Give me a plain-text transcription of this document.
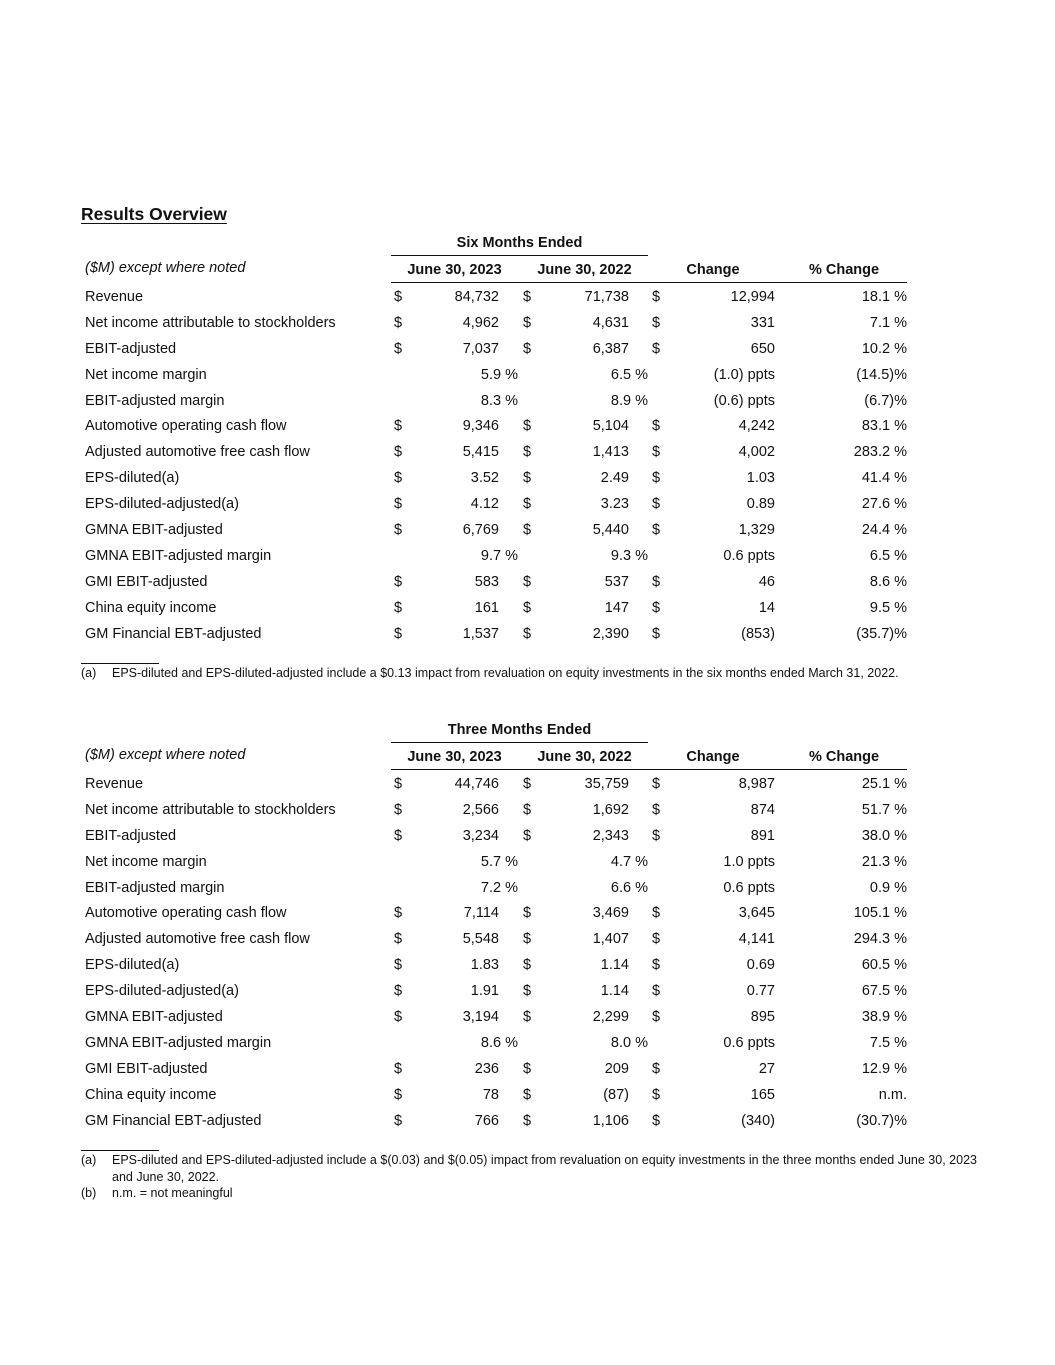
Results Overview
Six Months Ended
($M) except where noted	June 30, 2023	June 30, 2022	Change	% Change
Revenue	$	84,732 $	71,738 $	12,994	18.1 %
Net income attributable to stockholders	$	4,962 $	4,631 $	331	7.1 %
EBIT-adjusted	$	7,037 $	6,387 $	650	10.2 %
Net income margin	5.9 %	6.5 %	(1.0) ppts	(14.5)%
EBIT-adjusted margin	8.3 %	8.9 %	(0.6) ppts	(6.7)%
Automotive operating cash flow	$	9,346 $	5,104 $	4,242	83.1 %
Adjusted automotive free cash flow	$	5,415 $	1,413 $	4,002	283.2 %
EPS-diluted(a)	$	3.52 $	2.49 $	1.03	41.4 %
EPS-diluted-adjusted(a)	$	4.12 $	3.23 $	0.89	27.6 %
GMNA EBIT-adjusted	$	6,769 $	5,440 $	1,329	24.4 %
GMNA EBIT-adjusted margin	9.7 %	9.3 %	0.6 ppts	6.5 %
GMI EBIT-adjusted	$	583 $	537 $	46	8.6 %
China equity income	$	161 $	147 $	14	9.5 %
GM Financial EBT-adjusted	$	1,537 $	2,390 $	(853)	(35.7)%
(a) EPS-diluted and EPS-diluted-adjusted include a $0.13 impact from revaluation on equity investments in the six months ended March 31, 2022.
Three Months Ended
($M) except where noted	June 30, 2023	June 30, 2022	Change	% Change
Revenue	$	44,746 $	35,759 $	8,987	25.1 %
Net income attributable to stockholders	$	2,566 $	1,692 $	874	51.7 %
EBIT-adjusted	$	3,234 $	2,343 $	891	38.0 %
Net income margin	5.7 %	4.7 %	1.0 ppts	21.3 %
EBIT-adjusted margin	7.2 %	6.6 %	0.6 ppts	0.9 %
Automotive operating cash flow	$	7,114 $	3,469 $	3,645	105.1 %
Adjusted automotive free cash flow	$	5,548 $	1,407 $	4,141	294.3 %
EPS-diluted(a)	$	1.83 $	1.14 $	0.69	60.5 %
EPS-diluted-adjusted(a)	$	1.91 $	1.14 $	0.77	67.5 %
GMNA EBIT-adjusted	$	3,194 $	2,299 $	895	38.9 %
GMNA EBIT-adjusted margin	8.6 %	8.0 %	0.6 ppts	7.5 %
GMI EBIT-adjusted	$	236 $	209 $	27	12.9 %
China equity income	$	78 $	(87) $	165	n.m.
GM Financial EBT-adjusted	$	766 $	1,106 $	(340)	(30.7)%
(a) EPS-diluted and EPS-diluted-adjusted include a $(0.03) and $(0.05) impact from revaluation on equity investments in the three months ended June 30, 2023 and June 30, 2022.
(b) n.m. = not meaningful
